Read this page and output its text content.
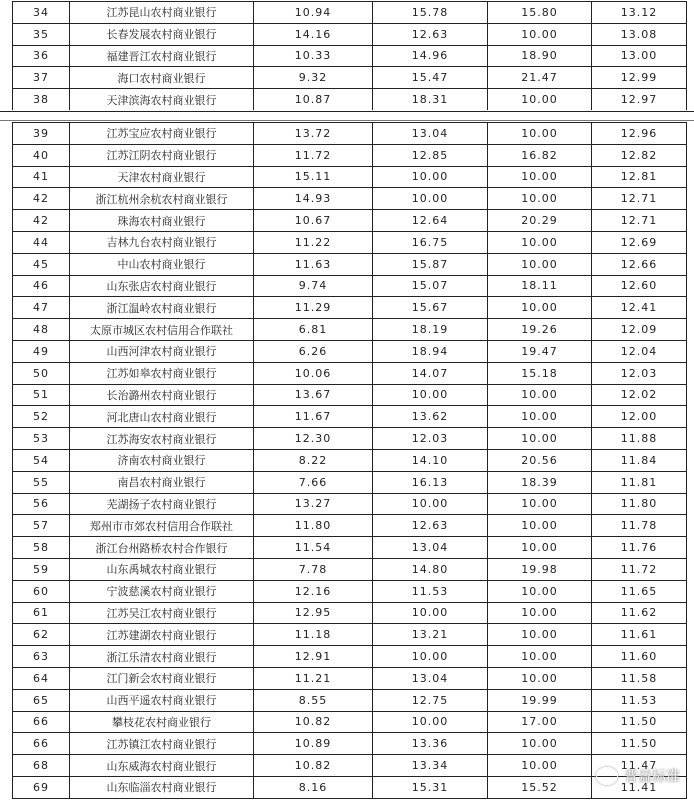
34	江苏昆山农村商业银行	10.94	15.78	15.80	13.12
35	长春发展农村商业银行	14.16	12.63	10.00	13.08
36	福建晋江农村商业银行	10.33	14.96	18.90	13.00
37	海口农村商业银行	9.32	15.47	21.47	12.99
38	天津滨海农村商业银行	10.87	18.31	10.00	12.97
39	江苏宝应农村商业银行	13.72	13.04	10.00	12.96
40	江苏江阴农村商业银行	11.72	12.85	16.82	12.82
41	天津农村商业银行	15.11	10.00	10.00	12.81
42	浙江杭州余杭农村商业银行	14.93	10.00	10.00	12.71
42	珠海农村商业银行	10.67	12.64	20.29	12.71
44	吉林九台农村商业银行	11.22	16.75	10.00	12.69
45	中山农村商业银行	11.63	15.87	10.00	12.66
46	山东张店农村商业银行	9.74	15.07	18.11	12.60
47	浙江温岭农村商业银行	11.29	15.67	10.00	12.41
48	太原市城区农村信用合作联社	6.81	18.19	19.26	12.09
49	山西河津农村商业银行	6.26	18.94	19.47	12.04
50	江苏如皋农村商业银行	10.06	14.07	15.18	12.03
51	长治潞州农村商业银行	13.67	10.00	10.00	12.02
52	河北唐山农村商业银行	11.67	13.62	10.00	12.00
53	江苏海安农村商业银行	12.30	12.03	10.00	11.88
54	济南农村商业银行	8.22	14.10	20.56	11.84
55	南昌农村商业银行	7.66	16.13	18.39	11.81
56	芜湖扬子农村商业银行	13.27	10.00	10.00	11.80
57	郑州市市郊农村信用合作联社	11.80	12.63	10.00	11.78
58	浙江台州路桥农村合作银行	11.54	13.04	10.00	11.76
59	山东禹城农村商业银行	7.78	14.80	19.98	11.72
60	宁波慈溪农村商业银行	12.16	11.53	10.00	11.65
61	江苏吴江农村商业银行	12.95	10.00	10.00	11.62
62	江苏建湖农村商业银行	11.18	13.21	10.00	11.61
63	浙江乐清农村商业银行	12.91	10.00	10.00	11.60
64	江门新会农村商业银行	11.21	13.04	10.00	11.58
65	山西平遥农村商业银行	8.55	12.75	19.99	11.53
66	攀枝花农村商业银行	10.82	10.00	17.00	11.50
66	江苏镇江农村商业银行	10.89	13.36	10.00	11.50
68	山东威海农村商业银行	10.82	13.34	10.00	11.47
69	山东临淄农村商业银行	8.16	15.31	15.52	11.41
普益标准
